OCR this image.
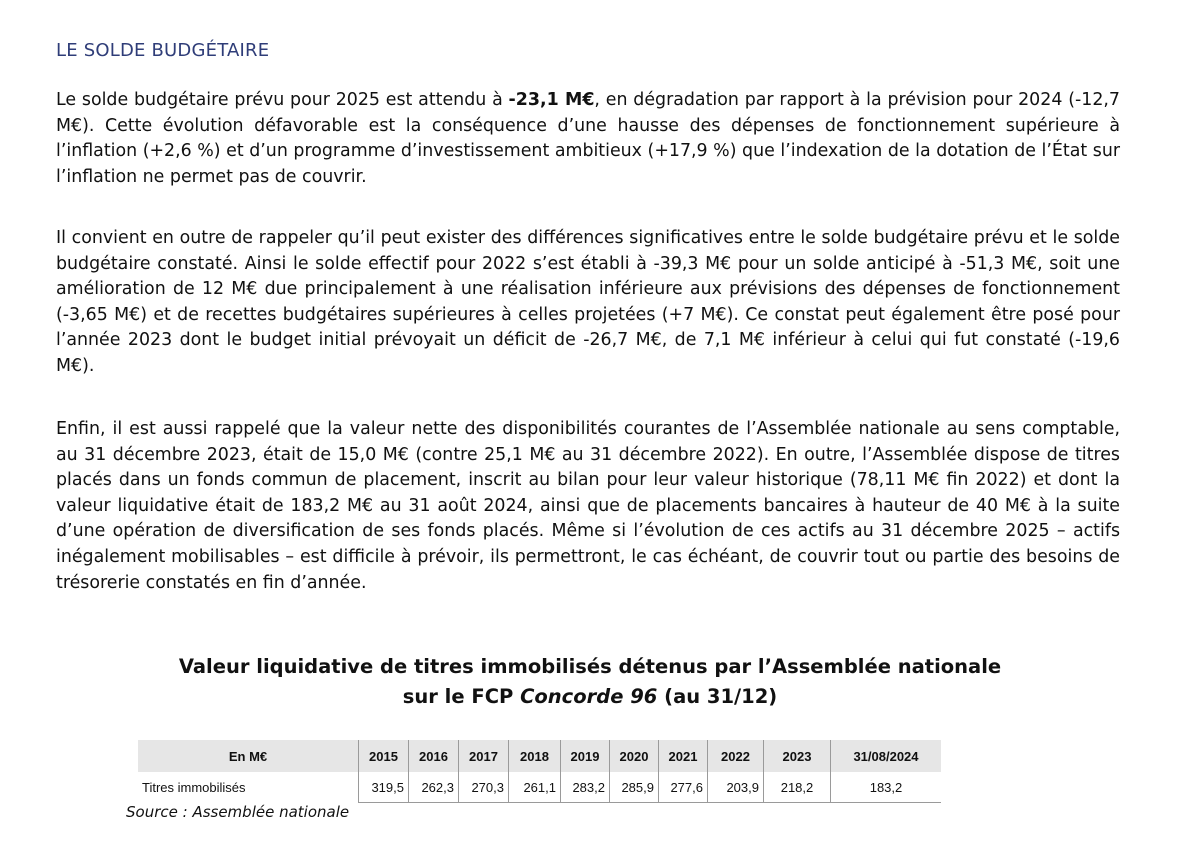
LE SOLDE BUDGÉTAIRE

Le solde budgétaire prévu pour 2025 est attendu à -23,1 M€, en dégradation par rapport à la prévision pour 2024 (-12,7 M€). Cette évolution défavorable est la conséquence d’une hausse des dépenses de fonctionnement supérieure à l’inflation (+2,6 %) et d’un programme d’investissement ambitieux (+17,9 %) que l’indexation de la dotation de l’État sur l’inflation ne permet pas de couvrir.

Il convient en outre de rappeler qu’il peut exister des différences significatives entre le solde budgétaire prévu et le solde budgétaire constaté. Ainsi le solde effectif pour 2022 s’est établi à -39,3 M€ pour un solde anticipé à -51,3 M€, soit une amélioration de 12 M€ due principalement à une réalisation inférieure aux prévisions des dépenses de fonctionnement (-3,65 M€) et de recettes budgétaires supérieures à celles projetées (+7 M€). Ce constat peut également être posé pour l’année 2023 dont le budget initial prévoyait un déficit de -26,7 M€, de 7,1 M€ inférieur à celui qui fut constaté (-19,6 M€).

Enfin, il est aussi rappelé que la valeur nette des disponibilités courantes de l’Assemblée nationale au sens comptable, au 31 décembre 2023, était de 15,0 M€ (contre 25,1 M€ au 31 décembre 2022). En outre, l’Assemblée dispose de titres placés dans un fonds commun de placement, inscrit au bilan pour leur valeur historique (78,11 M€ fin 2022) et dont la valeur liquidative était de 183,2 M€ au 31 août 2024, ainsi que de placements bancaires à hauteur de 40 M€ à la suite d’une opération de diversification de ses fonds placés. Même si l’évolution de ces actifs au 31 décembre 2025 – actifs inégalement mobilisables – est difficile à prévoir, ils permettront, le cas échéant, de couvrir tout ou partie des besoins de trésorerie constatés en fin d’année.

Valeur liquidative de titres immobilisés détenus par l’Assemblée nationale

sur le FCP Concorde 96 (au 31/12)

En M€	2015	2016	2017	2018	2019	2020	2021	2022	2023	31/08/2024
Titres immobilisés	319,5	262,3	270,3	261,1	283,2	285,9	277,6	203,9	218,2	183,2

Source : Assemblée nationale
